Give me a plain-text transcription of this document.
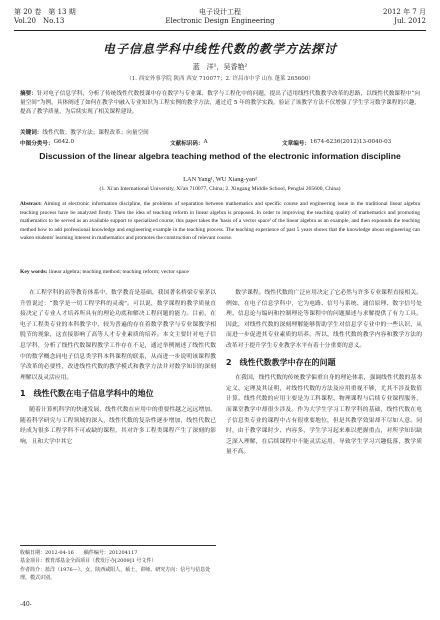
第 20 卷　第 13 期
Vol.20　No.13
电子设计工程
Electronic Design Engineering
2012 年 7 月
Jul. 2012
电子信息学科中线性代数的教学方法探讨
蓝　洋¹，吴香艳²
（1. 西安外事学院 陕西 西安 710077；2. 许昌市中学 山东 蓬莱 265600）
摘要：针对电子信息学科，分析了传统线性代数授课中存在数学与专业课、数学与工程化中的问题，提出了适用线性代数教学改革的思路，以线性代数课程中“向量空间”为例，具体阐述了如何在教学中融入专业知识为工程实例的教学方法，通过近 5 年的教学实践，验证了该教学方法不仅增强了学生学习数学课程的兴趣，提高了教学质量，为后续实现了相关课程建设。
关键词：线性代数；教学方法；课程改革；向量空间
中图分类号： G642.0	文献标识码： A	文章编号： 1674-6236(2012)13-0040-03
Discussion of the linear algebra teaching method of the electronic information discipline
LAN Yang¹, WU Xiang-yan²
(1. Xi'an International University, Xi'an 710077, China; 2. Xingang Middle School, Penglai 265600, China)
Abstract: Aiming at electronic information discipline, the problems of separation between mathematics and specific course and engineering issue in the traditional linear algebra teaching process have be analyzed firstly. Then the idea of teaching reform in linear algebra is proposed. In order to improving the teaching quality of mathematics and promoting mathematics to be served as an available support to specialized course, this paper takes the 'basis of a vector space' of the linear algebra as an example, and then expounds the teaching method how to add professional knowledge and engineering example in the teaching process. The teaching experience of past 5 years shows that the knowledge about engineering can waken students' learning interest in mathematics and promotes the construction of relevant course.
Key words: linear algebra; teaching method; teaching reform; vector space

在工程学科的高等教育体系中，数学教育是基础，我国著名桥梁专家茅以升曾说过：“数学是一切工程学科的灵魂”。可以说，数学课程的教学质量直接决定了专业人才培养所具有的理论功底和解决工程问题的能力。目前，在电子工程类专业的本科教学中，较为普遍的存在着数学教学与专业课教学相脱节的现象，这直接影响了高等人才专业素质的培养。本文主要针对电子信息学科，分析了线性代数课程教学工作存在不足，通过举例阐述了线性代数中的数学概念同电子信息类学科本科课程的联系，从而进一步说明该课程教学改革的必要性，改进线性代数的教学模式和教学方法并对数学知识的深刻理解以及灵活应用。

1　线性代数在电子信息学科中的地位

随着计算机科学的快速发展，线性代数在应用中的重要性越之远远增加。随着科学研究与工程领域的深入，线性代数的复杂性逐步增加，线性代数已经成为很多工程学科不可或缺的课程，其对许多工程类课程产生了深刻的影响，且和大学中其它

数学课程。线性代数的广泛应用决定了它必然与许多专业课程直接相关。例如，在电子信息学科中，它为电路、信号与系统、通信原理、数字信号处理、信息论与编码和控制理论等课程中的问题描述与求解提供了有力工具。因此，对线性代数的深刻理解能够帮助学生对信息学专业中的一些认识，从而进一步促进其专业素质的培养。所以，线性代数的教学内容和教学方法的改革对于提升学生专业教学水平有着十分重要的意义。

2　线性代数教学中存在的问题

在我国，线性代数的传统教学偏重自身的理论体系，强调线性代数的基本定义、定理及其证明，对线性代数的方法及应用重视不够，尤其不涉及数值计算。线性代数的应用主要是为工科课程、物理课程与后续专业课程服务，而课堂教学中却很少涉及。作为大学生学习工程学科的基础，线性代数在电子信息类专业的课程中占有很重要地位，但是其教学效果却不尽如人意。同时，由于教学课时少、内容多，学生学习起来难以把握重点，对所学知识缺乏深入理解，在后续课程中不能灵活运用，导致学生学习兴趣低落，教学质量不高。

收稿日期：2012-04-16　　稿件编号：201204117
基金项目：教育部基金全面项目（教发厅办[2009]1 号文件）
作者简介：蓝洋（1976—），女，陕西咸阳人，硕士，讲师。研究方向：信号与信息处理。模式识别。
-40-
